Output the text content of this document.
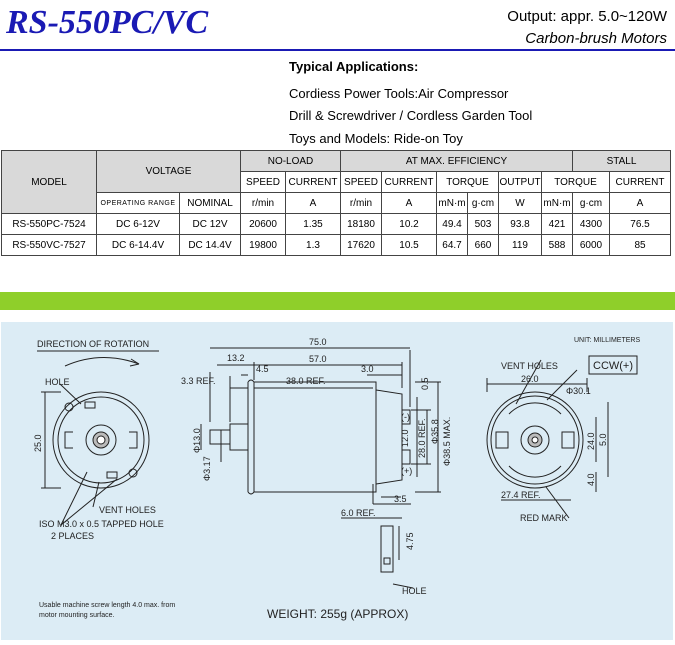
RS-550PC/VC	Output: appr. 5.0~120W
Carbon-brush Motors
Typical Applications:
Cordiess Power Tools:Air Compressor
Drill & Screwdriver / Cordless Garden Tool
Toys and Models: Ride-on Toy
MODEL	VOLTAGE		NO-LOAD		AT MAX. EFFICIENCY						STALL	
			SPEED	CURRENT	SPEED	CURRENT	TORQUE		OUTPUT	TORQUE		CURRENT
	OPERATING RANGE	NOMINAL	r/min	A	r/min	A	mN·m	g·cm	W	mN·m	g·cm	A
RS-550PC-7524	DC 6-12V	DC 12V	20600	1.35	18180	10.2	49.4	503	93.8	421	4300	76.5
RS-550VC-7527	DC 6-14.4V	DC 14.4V	19800	1.3	17620	10.5	64.7	660	119	588	6000	85
UNIT: MILLIMETERS
DIRECTION OF ROTATION
HOLE
VENT HOLES
ISO M3.0 x 0.5 TAPPED HOLE
2 PLACES
Usable machine screw length 4.0 max. from
motor mounting surface.	WEIGHT: 255g (APPROX)
CCW(+)
RED MARK
VENT HOLES
75.0
57.0
13.2
4.5	3.0
3.3 REF.	38.0 REF.	0.5
Φ13.0
Φ3.17
12.0 28.0 REF. Φ35.8 Φ38.5 MAX.
(-)
(+)
3.5
6.0 REF.
4.75
HOLE
25.0
26.0
Φ30.1
24.0 5.0
4.0
27.4 REF.
